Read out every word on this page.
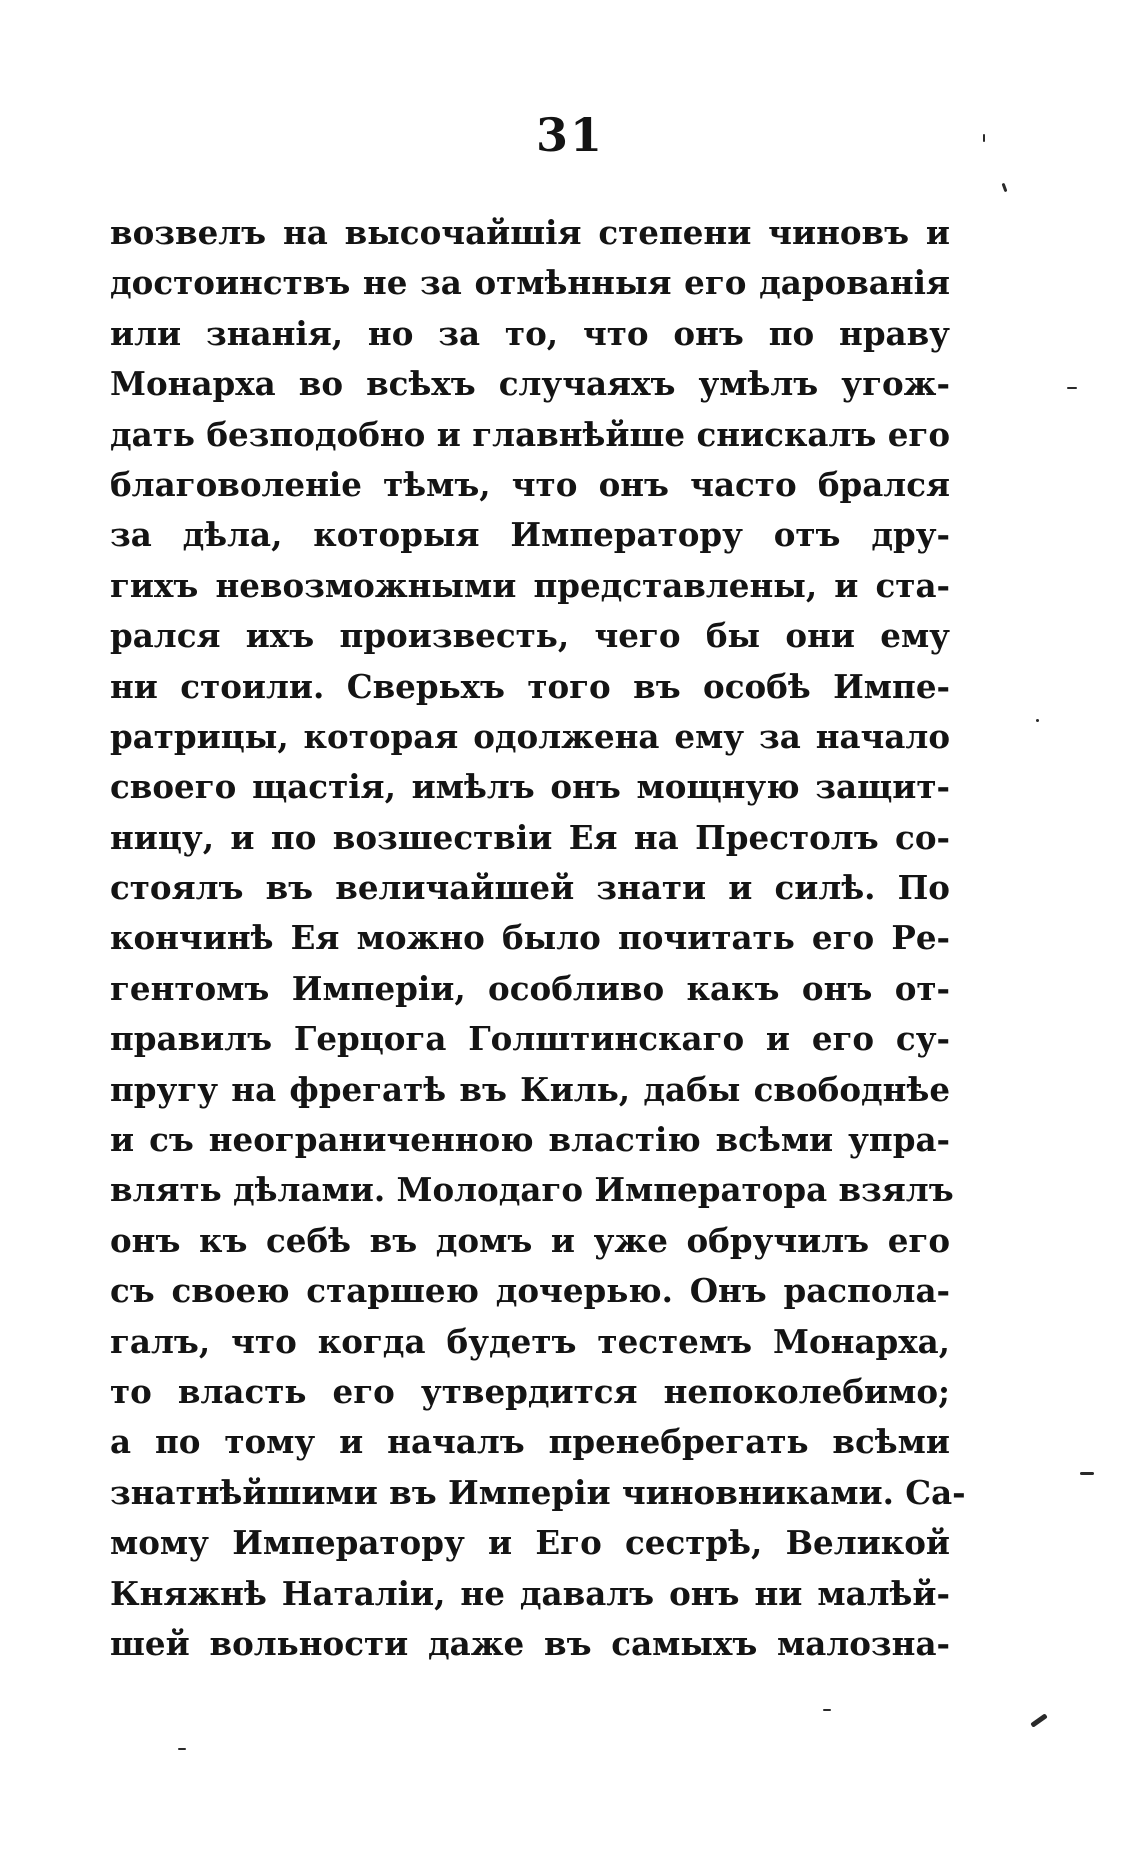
31
возвелъ на высочайшія степени чиновъ и
достоинствъ не за отмѣнныя его дарованія
или знанія, но за то, что онъ по нраву
Монарха во всѣхъ случаяхъ умѣлъ угож-
дать безподобно и главнѣйше снискалъ его
благоволеніе тѣмъ, что онъ часто брался
за дѣла, которыя Императору отъ дру-
гихъ невозможными представлены, и ста-
рался ихъ произвесть, чего бы они ему
ни стоили. Сверьхъ того въ особѣ Импе-
ратрицы, которая одолжена ему за начало
своего щастія, имѣлъ онъ мощную защит-
ницу, и по возшествіи Ея на Престолъ со-
стоялъ въ величайшей знати и силѣ. По
кончинѣ Ея можно было почитать его Ре-
гентомъ Имперіи, особливо какъ онъ от-
правилъ Герцога Голштинскаго и его су-
пругу на фрегатѣ въ Киль, дабы свободнѣе
и съ неограниченною властію всѣми упра-
влять дѣлами. Молодаго Императора взялъ
онъ къ себѣ въ домъ и уже обручилъ его
съ своею старшею дочерью. Онъ распола-
галъ, что когда будетъ тестемъ Монарха,
то власть его утвердится непоколебимо;
а по тому и началъ пренебрегать всѣми
знатнѣйшими въ Имперіи чиновниками. Са-
мому Императору и Его сестрѣ, Великой
Княжнѣ Наталіи, не давалъ онъ ни малѣй-
шей вольности даже въ самыхъ малозна-
